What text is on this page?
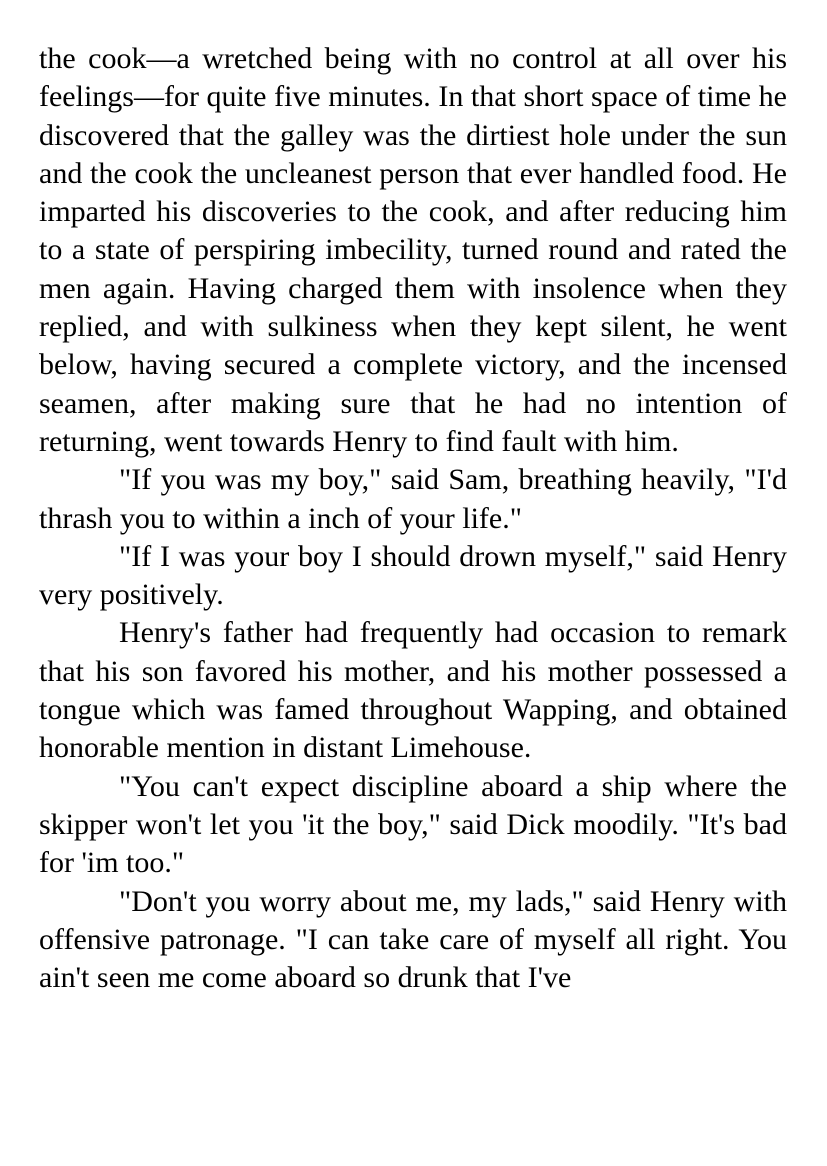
the cook—a wretched being with no control at all over his feelings—for quite five minutes. In that short space of time he discovered that the galley was the dirtiest hole under the sun and the cook the uncleanest person that ever handled food. He imparted his discoveries to the cook, and after reducing him to a state of perspiring imbecility, turned round and rated the men again. Having charged them with insolence when they replied, and with sulkiness when they kept silent, he went below, having secured a complete victory, and the incensed seamen, after making sure that he had no intention of returning, went towards Henry to find fault with him.

"If you was my boy," said Sam, breathing heavily, "I'd thrash you to within a inch of your life."

"If I was your boy I should drown myself," said Henry very positively.

Henry's father had frequently had occasion to remark that his son favored his mother, and his mother possessed a tongue which was famed throughout Wapping, and obtained honorable mention in distant Limehouse.

"You can't expect discipline aboard a ship where the skipper won't let you 'it the boy," said Dick moodily. "It's bad for 'im too."

"Don't you worry about me, my lads," said Henry with offensive patronage. "I can take care of myself all right. You ain't seen me come aboard so drunk that I've
